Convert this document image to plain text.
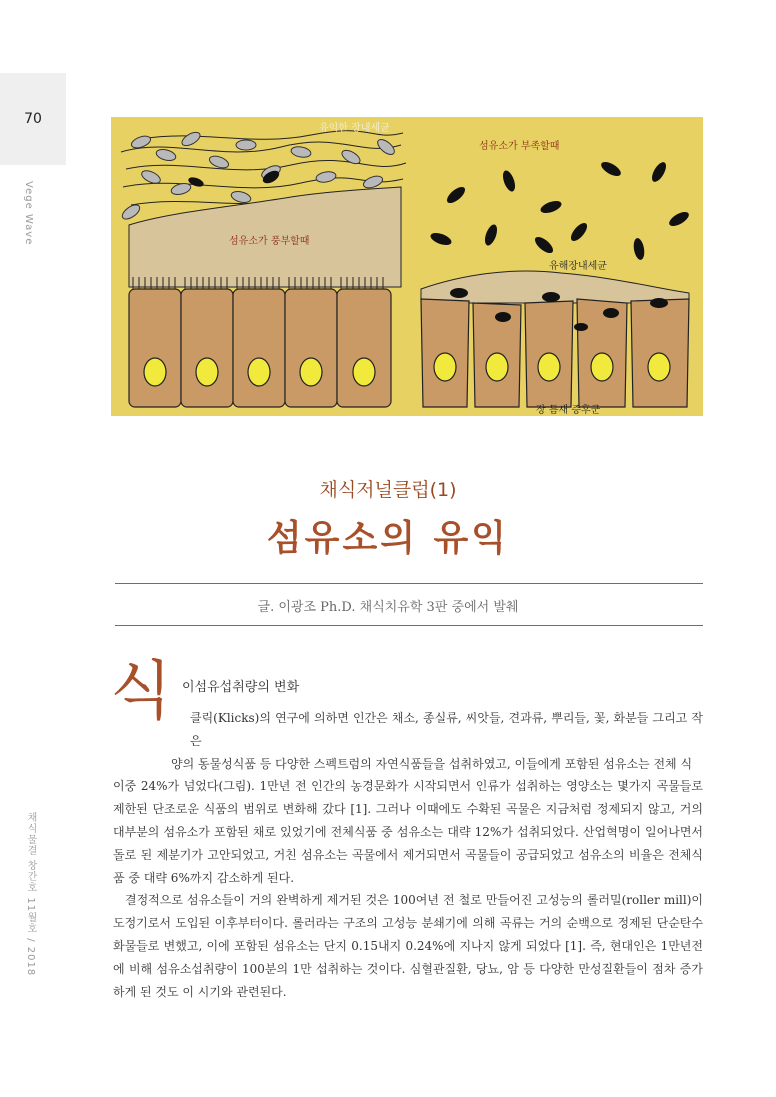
70
Vege Wave
채식물결 창간호 11월호 / 2018
유익한 장내세균
섬유소가 풍부할때
섬유소가 부족할때
유해장내세균
장 틈새 증후군
채식저널클럽(1)
섬유소의 유익
글. 이광조 Ph.D. 채식치유학 3판 중에서 발췌
식 이섬유섭취량의 변화

클릭(Klicks)의 연구에 의하면 인간은 채소, 종실류, 씨앗들, 견과류, 뿌리들, 꽃, 화분들 그리고 작은
양의 동물성식품 등 다양한 스펙트럼의 자연식품들을 섭취하였고, 이들에게 포함된 섬유소는 전체 식
이중 24%가 넘었다(그림). 1만년 전 인간의 농경문화가 시작되면서 인류가 섭취하는 영양소는 몇가지 곡물들로 제한된 단조로운 식품의 범위로 변화해 갔다 [1]. 그러나 이때에도 수확된 곡물은 지금처럼 정제되지 않고, 거의 대부분의 섬유소가 포함된 채로 있었기에 전체식품 중 섬유소는 대략 12%가 섭취되었다. 산업혁명이 일어나면서 돌로 된 제분기가 고안되었고, 거친 섬유소는 곡물에서 제거되면서 곡물들이 공급되었고 섬유소의 비율은 전체식품 중 대략 6%까지 감소하게 된다.

결정적으로 섬유소들이 거의 완벽하게 제거된 것은 100여년 전 철로 만들어진 고성능의 롤러밀(roller mill)이 도정기로서 도입된 이후부터이다. 롤러라는 구조의 고성능 분쇄기에 의해 곡류는 거의 순백으로 정제된 단순탄수화물들로 변했고, 이에 포함된 섬유소는 단지 0.15내지 0.24%에 지나지 않게 되었다 [1]. 즉, 현대인은 1만년전에 비해 섬유소섭취량이 100분의 1만 섭취하는 것이다. 심혈관질환, 당뇨, 암 등 다양한 만성질환들이 점차 증가하게 된 것도 이 시기와 관련된다.
